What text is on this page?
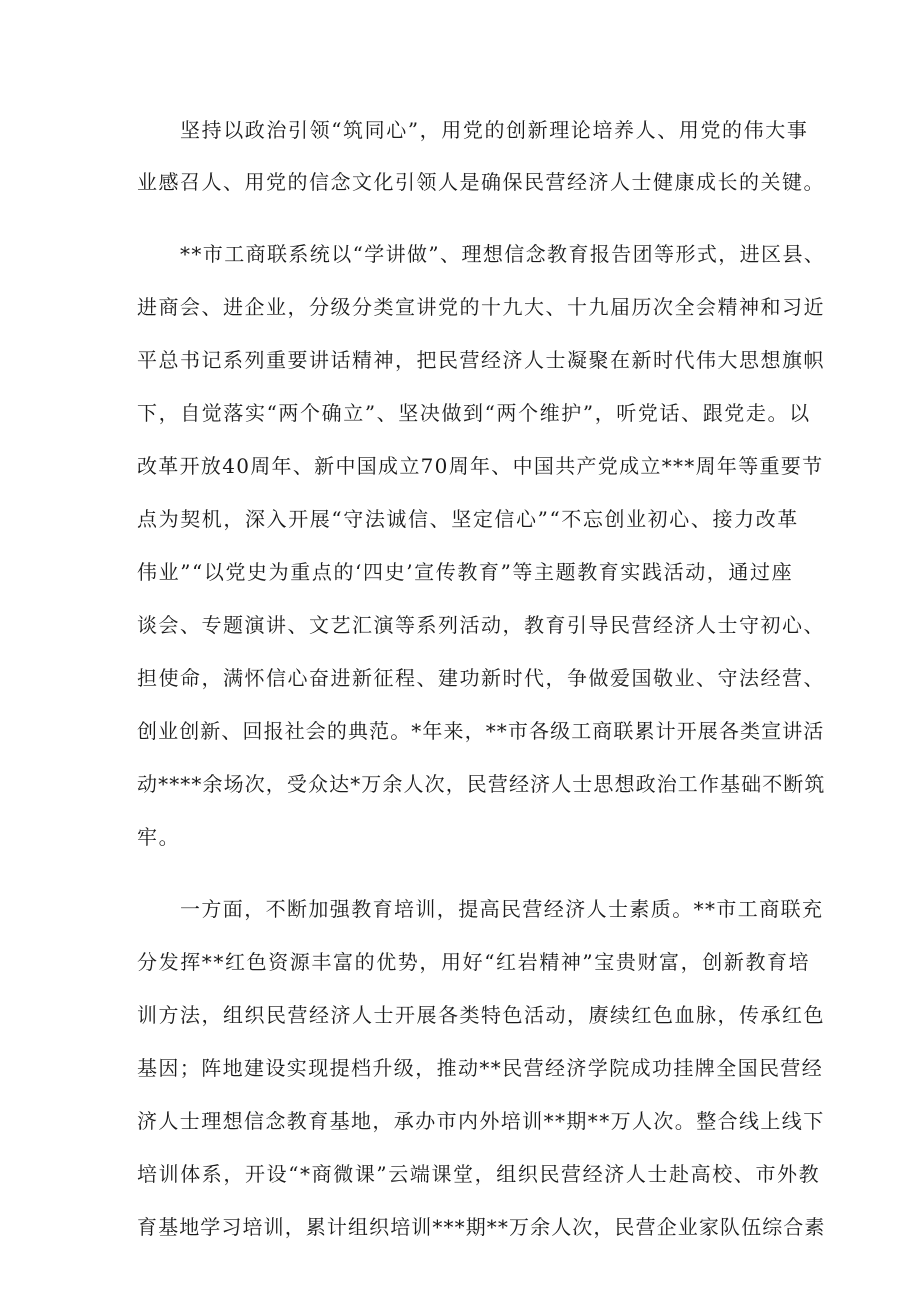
坚持以政治引领“筑同心”，用党的创新理论培养人、用党的伟大事
业感召人、用党的信念文化引领人是确保民营经济人士健康成长的关键。
**市工商联系统以“学讲做”、理想信念教育报告团等形式，进区县、
进商会、进企业，分级分类宣讲党的十九大、十九届历次全会精神和习近
平总书记系列重要讲话精神，把民营经济人士凝聚在新时代伟大思想旗帜
下，自觉落实“两个确立”、坚决做到“两个维护”，听党话、跟党走。以
改革开放40周年、新中国成立70周年、中国共产党成立***周年等重要节
点为契机，深入开展“守法诚信、坚定信心”“不忘创业初心、接力改革
伟业”“以党史为重点的‘四史’宣传教育”等主题教育实践活动，通过座
谈会、专题演讲、文艺汇演等系列活动，教育引导民营经济人士守初心、
担使命，满怀信心奋进新征程、建功新时代，争做爱国敬业、守法经营、
创业创新、回报社会的典范。*年来，**市各级工商联累计开展各类宣讲活
动****余场次，受众达*万余人次，民营经济人士思想政治工作基础不断筑
牢。
一方面，不断加强教育培训，提高民营经济人士素质。**市工商联充
分发挥**红色资源丰富的优势，用好“红岩精神”宝贵财富，创新教育培
训方法，组织民营经济人士开展各类特色活动，赓续红色血脉，传承红色
基因；阵地建设实现提档升级，推动**民营经济学院成功挂牌全国民营经
济人士理想信念教育基地，承办市内外培训**期**万人次。整合线上线下
培训体系，开设“*商微课”云端课堂，组织民营经济人士赴高校、市外教
育基地学习培训，累计组织培训***期**万余人次，民营企业家队伍综合素
